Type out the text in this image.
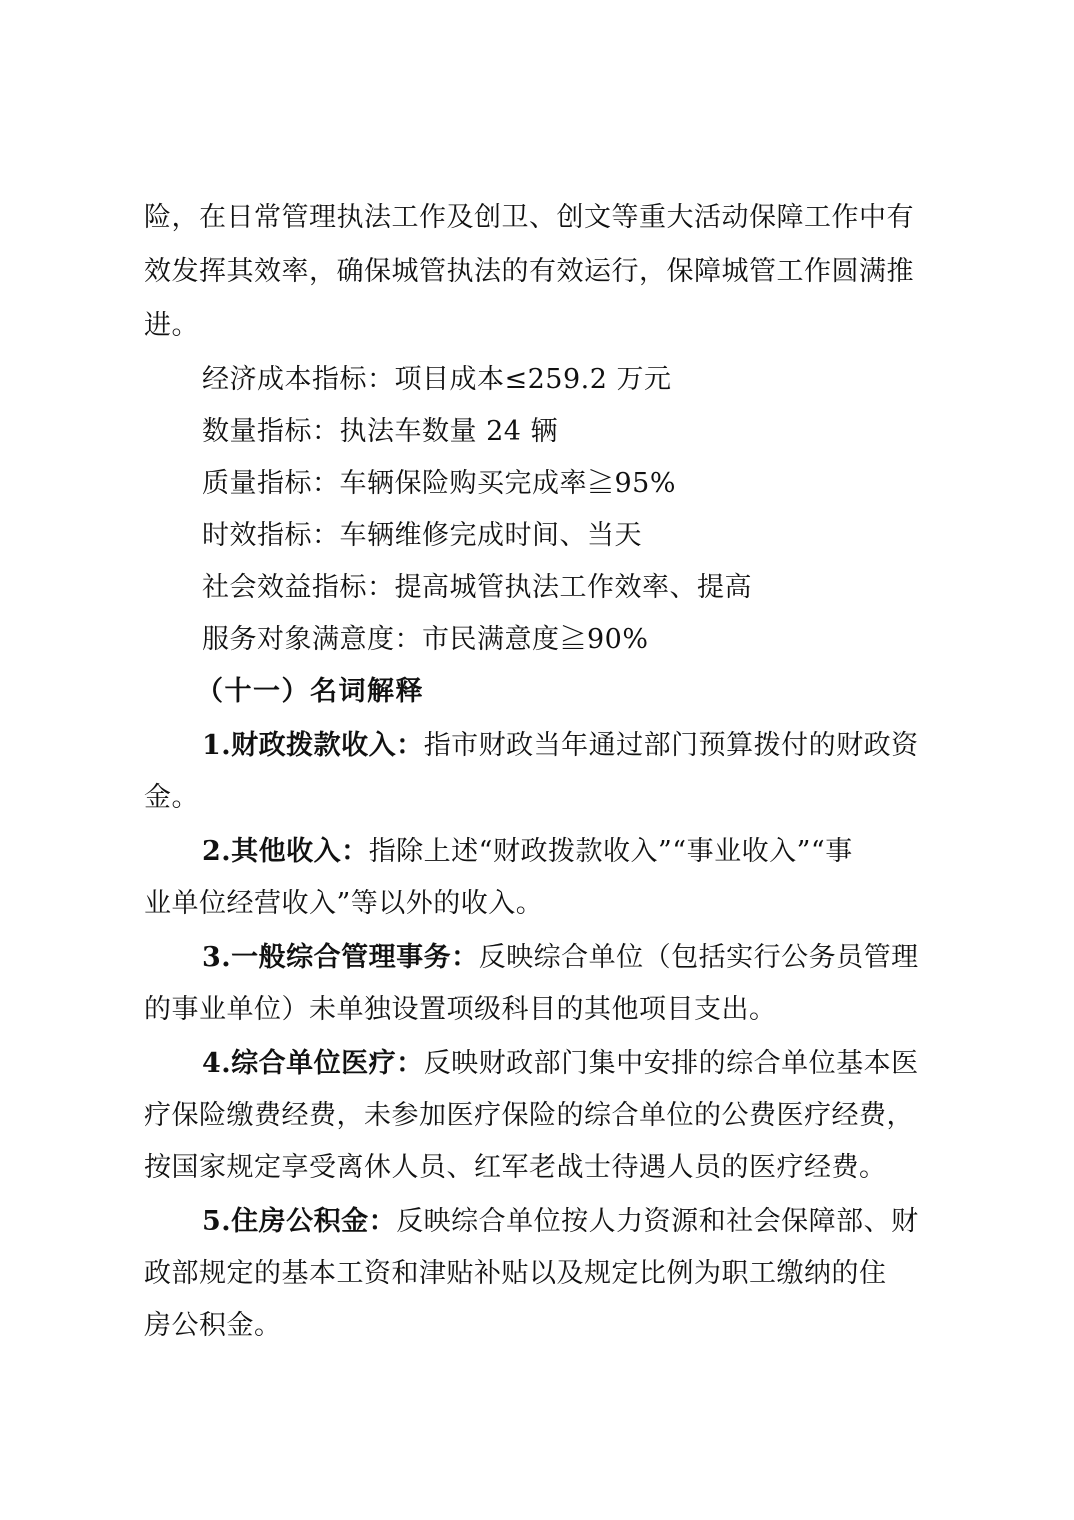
险，在日常管理执法工作及创卫、创文等重大活动保障工作中有
效发挥其效率，确保城管执法的有效运行，保障城管工作圆满推
进。
经济成本指标：项目成本≤259.2 万元
数量指标：执法车数量 24 辆
质量指标：车辆保险购买完成率≧95%
时效指标：车辆维修完成时间、当天
社会效益指标：提高城管执法工作效率、提高
服务对象满意度：市民满意度≧90%
（十一）名词解释
1.财政拨款收入：指市财政当年通过部门预算拨付的财政资
金。
2.其他收入：指除上述“财政拨款收入”“事业收入”“事
业单位经营收入”等以外的收入。
3.一般综合管理事务：反映综合单位（包括实行公务员管理
的事业单位）未单独设置项级科目的其他项目支出。
4.综合单位医疗：反映财政部门集中安排的综合单位基本医
疗保险缴费经费，未参加医疗保险的综合单位的公费医疗经费，
按国家规定享受离休人员、红军老战士待遇人员的医疗经费。
5.住房公积金：反映综合单位按人力资源和社会保障部、财
政部规定的基本工资和津贴补贴以及规定比例为职工缴纳的住
房公积金。
